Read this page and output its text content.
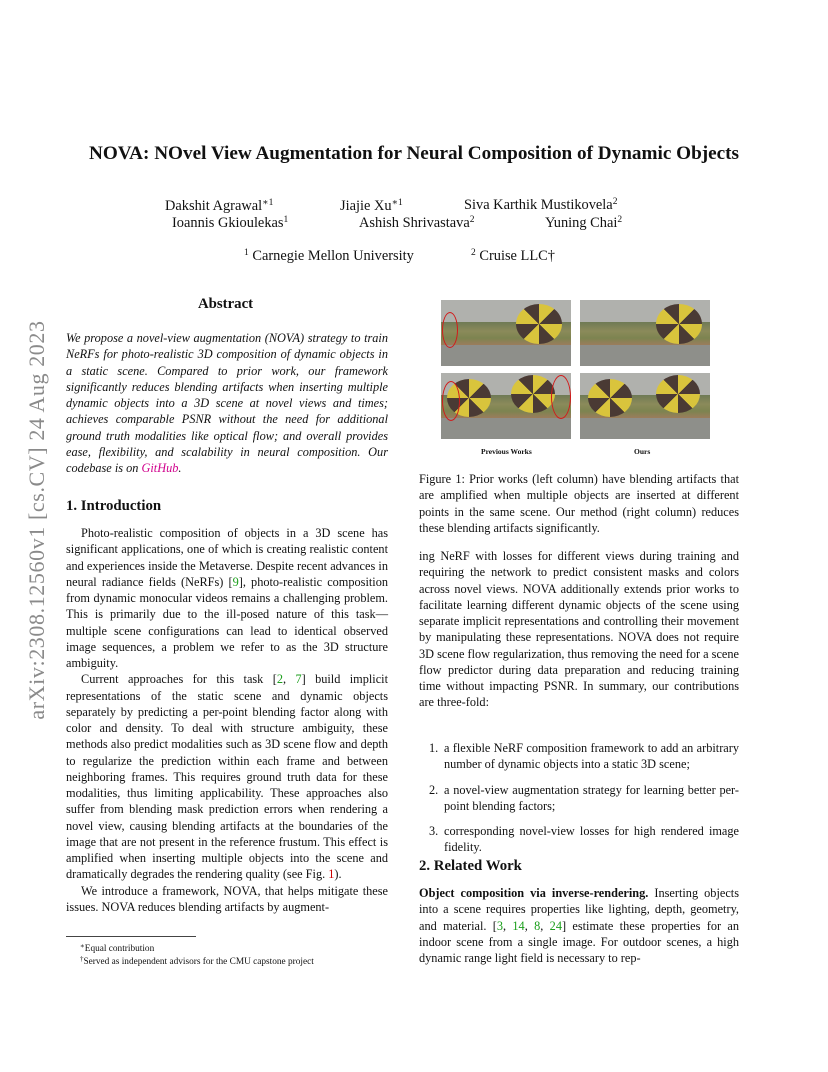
arXiv:2308.12560v1 [cs.CV] 24 Aug 2023
NOVA: NOvel View Augmentation for Neural Composition of Dynamic Objects
Dakshit Agrawal$^{∗1}$	Jiajie $Xu^{∗1}$	Siva Karthik Mustikovela$^2$
Ioannis Gkioulekas$^1$	Ashish Shrivastava$^2$	Yuning Chai$^2$
$^1$ Carnegie Mellon University	$^2$ Cruise LLC†
Abstract
We propose a novel-view augmentation (NOVA) strategy to train NeRFs for photo-realistic 3D composition of dynamic objects in a static scene. Compared to prior work, our framework significantly reduces blending artifacts when inserting multiple dynamic objects into a 3D scene at novel views and times; achieves comparable PSNR without the need for additional ground truth modalities like optical flow; and overall provides ease, flexibility, and scalability in neural composition. Our codebase is on GitHub.
1. Introduction

Photo-realistic composition of objects in a 3D scene has significant applications, one of which is creating realistic content and experiences inside the Metaverse. Despite recent advances in neural radiance fields (NeRFs) [9], photo-realistic composition from dynamic monocular videos remains a challenging problem. This is primarily due to the ill-posed nature of this task—multiple scene configurations can lead to identical observed image sequences, a problem we refer to as the 3D structure ambiguity.

Current approaches for this task [2, 7] build implicit representations of the static scene and dynamic objects separately by predicting a per-point blending factor along with color and density. To deal with structure ambiguity, these methods also predict modalities such as 3D scene flow and depth to regularize the prediction within each frame and between neighboring frames. This requires ground truth data for these modalities, thus limiting applicability. These approaches also suffer from blending mask prediction errors when rendering a novel view, causing blending artifacts at the boundaries of the image that are not present in the reference frustum. This effect is amplified when inserting multiple objects into the scene and dramatically degrades the rendering quality (see Fig. 1).

We introduce a framework, NOVA, that helps mitigate these issues. NOVA reduces blending artifacts by augment-

∗Equal contribution
†Served as independent advisors for the CMU capstone project
Previous Works	Ours
Figure 1: Prior works (left column) have blending artifacts that are amplified when multiple objects are inserted at different points in the same scene. Our method (right column) reduces these blending artifacts significantly.
ing NeRF with losses for different views during training and requiring the network to predict consistent masks and colors across novel views. NOVA additionally extends prior works to facilitate learning different dynamic objects of the scene using separate implicit representations and controlling their movement by manipulating these representations. NOVA does not require 3D scene flow regularization, thus removing the need for a scene flow predictor during data preparation and reducing training time without impacting PSNR. In summary, our contributions are three-fold:
1. a flexible NeRF composition framework to add an arbitrary number of dynamic objects into a static 3D scene;
2. a novel-view augmentation strategy for learning better per-point blending factors;
3. corresponding novel-view losses for high rendered image fidelity.
2. Related Work
Object composition via inverse-rendering. Inserting objects into a scene requires properties like lighting, depth, geometry, and material. [3, 14, 8, 24] estimate these properties for an indoor scene from a single image. For outdoor scenes, a high dynamic range light field is necessary to rep-
